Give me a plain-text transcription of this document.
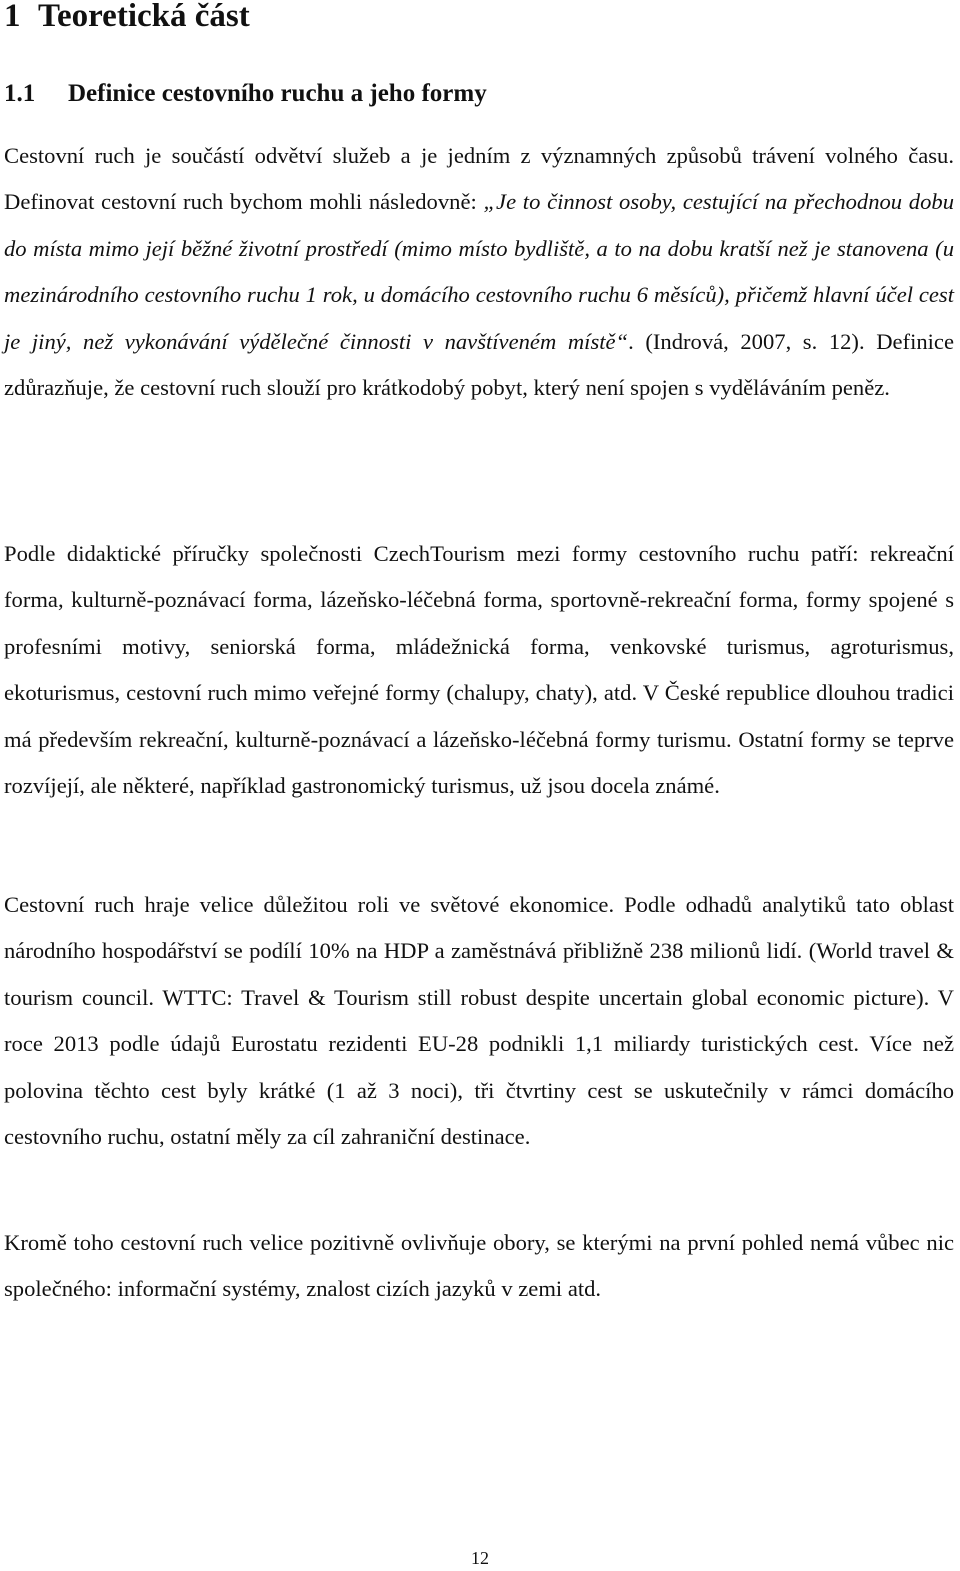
1 Teoretická část
1.1 Definice cestovního ruchu a jeho formy

Cestovní ruch je součástí odvětví služeb a je jedním z významných způsobů trávení volného času. Definovat cestovní ruch bychom mohli následovně: „Je to činnost osoby, cestující na přechodnou dobu do místa mimo její běžné životní prostředí (mimo místo bydliště, a to na dobu kratší než je stanovena (u mezinárodního cestovního ruchu 1 rok, u domácího cestovního ruchu 6 měsíců), přičemž hlavní účel cest je jiný, než vykonávání výdělečné činnosti v navštíveném místě“. (Indrová, 2007, s. 12). Definice zdůrazňuje, že cestovní ruch slouží pro krátkodobý pobyt, který není spojen s vyděláváním peněz.

Podle didaktické příručky společnosti CzechTourism mezi formy cestovního ruchu patří: rekreační forma, kulturně-poznávací forma, lázeňsko-léčebná forma, sportovně-rekreační forma, formy spojené s profesními motivy, seniorská forma, mládežnická forma, venkovské turismus, agroturismus, ekoturismus, cestovní ruch mimo veřejné formy (chalupy, chaty), atd. V České republice dlouhou tradici má především rekreační, kulturně-poznávací a lázeňsko-léčebná formy turismu. Ostatní formy se teprve rozvíjejí, ale některé, například gastronomický turismus, už jsou docela známé.

Cestovní ruch hraje velice důležitou roli ve světové ekonomice. Podle odhadů analytiků tato oblast národního hospodářství se podílí 10% na HDP a zaměstnává přibližně 238 milionů lidí. (World travel & tourism council. WTTC: Travel & Tourism still robust despite uncertain global economic picture). V roce 2013 podle údajů Eurostatu rezidenti EU-28 podnikli 1,1 miliardy turistických cest. Více než polovina těchto cest byly krátké (1 až 3 noci), tři čtvrtiny cest se uskutečnily v rámci domácího cestovního ruchu, ostatní měly za cíl zahraniční destinace.

Kromě toho cestovní ruch velice pozitivně ovlivňuje obory, se kterými na první pohled nemá vůbec nic společného: informační systémy, znalost cizích jazyků v zemi atd.

12
